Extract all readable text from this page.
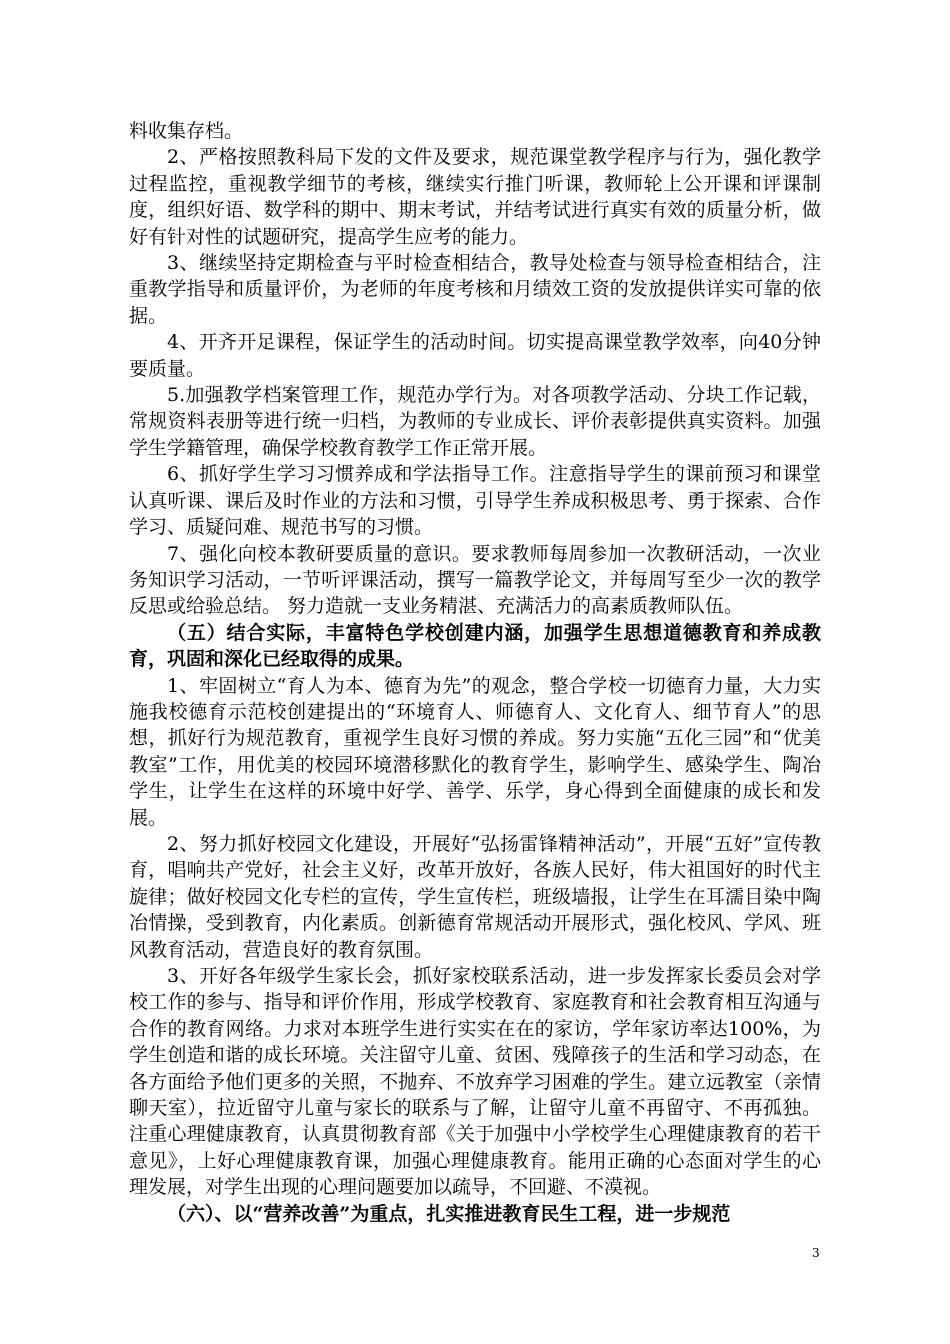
料收集存档。

2、严格按照教科局下发的文件及要求，规范课堂教学程序与行为，强化教学过程监控，重视教学细节的考核，继续实行推门听课，教师轮上公开课和评课制度，组织好语、数学科的期中、期末考试，并结考试进行真实有效的质量分析，做好有针对性的试题研究，提高学生应考的能力。

3、继续坚持定期检查与平时检查相结合，教导处检查与领导检查相结合，注重教学指导和质量评价，为老师的年度考核和月绩效工资的发放提供详实可靠的依据。

4、开齐开足课程，保证学生的活动时间。切实提高课堂教学效率，向40分钟要质量。

5.加强教学档案管理工作，规范办学行为。对各项教学活动、分块工作记载，常规资料表册等进行统一归档，为教师的专业成长、评价表彰提供真实资料。加强学生学籍管理，确保学校教育教学工作正常开展。

6、抓好学生学习习惯养成和学法指导工作。注意指导学生的课前预习和课堂认真听课、课后及时作业的方法和习惯，引导学生养成积极思考、勇于探索、合作学习、质疑问难、规范书写的习惯。

7、强化向校本教研要质量的意识。要求教师每周参加一次教研活动，一次业务知识学习活动，一节听评课活动，撰写一篇教学论文，并每周写至少一次的教学反思或给验总结。 努力造就一支业务精湛、充满活力的高素质教师队伍。

（五）结合实际，丰富特色学校创建内涵，加强学生思想道德教育和养成教育，巩固和深化已经取得的成果。

1、牢固树立“育人为本、德育为先”的观念，整合学校一切德育力量，大力实施我校德育示范校创建提出的“环境育人、师德育人、文化育人、细节育人”的思想，抓好行为规范教育，重视学生良好习惯的养成。努力实施“五化三园”和“优美教室”工作，用优美的校园环境潜移默化的教育学生，影响学生、感染学生、陶冶学生，让学生在这样的环境中好学、善学、乐学，身心得到全面健康的成长和发展。

2、努力抓好校园文化建设，开展好“弘扬雷锋精神活动”，开展“五好”宣传教育，唱响共产党好，社会主义好，改革开放好，各族人民好，伟大祖国好的时代主旋律；做好校园文化专栏的宣传，学生宣传栏，班级墙报，让学生在耳濡目染中陶冶情操，受到教育，内化素质。创新德育常规活动开展形式，强化校风、学风、班风教育活动，营造良好的教育氛围。

3、开好各年级学生家长会，抓好家校联系活动，进一步发挥家长委员会对学校工作的参与、指导和评价作用，形成学校教育、家庭教育和社会教育相互沟通与合作的教育网络。力求对本班学生进行实实在在的家访，学年家访率达100%，为学生创造和谐的成长环境。关注留守儿童、贫困、残障孩子的生活和学习动态，在各方面给予他们更多的关照，不抛弃、不放弃学习困难的学生。建立远教室（亲情聊天室），拉近留守儿童与家长的联系与了解，让留守儿童不再留守、不再孤独。注重心理健康教育，认真贯彻教育部《关于加强中小学校学生心理健康教育的若干意见》，上好心理健康教育课，加强心理健康教育。能用正确的心态面对学生的心理发展，对学生出现的心理问题要加以疏导，不回避、不漠视。

（六）、以“营养改善”为重点，扎实推进教育民生工程，进一步规范

3
